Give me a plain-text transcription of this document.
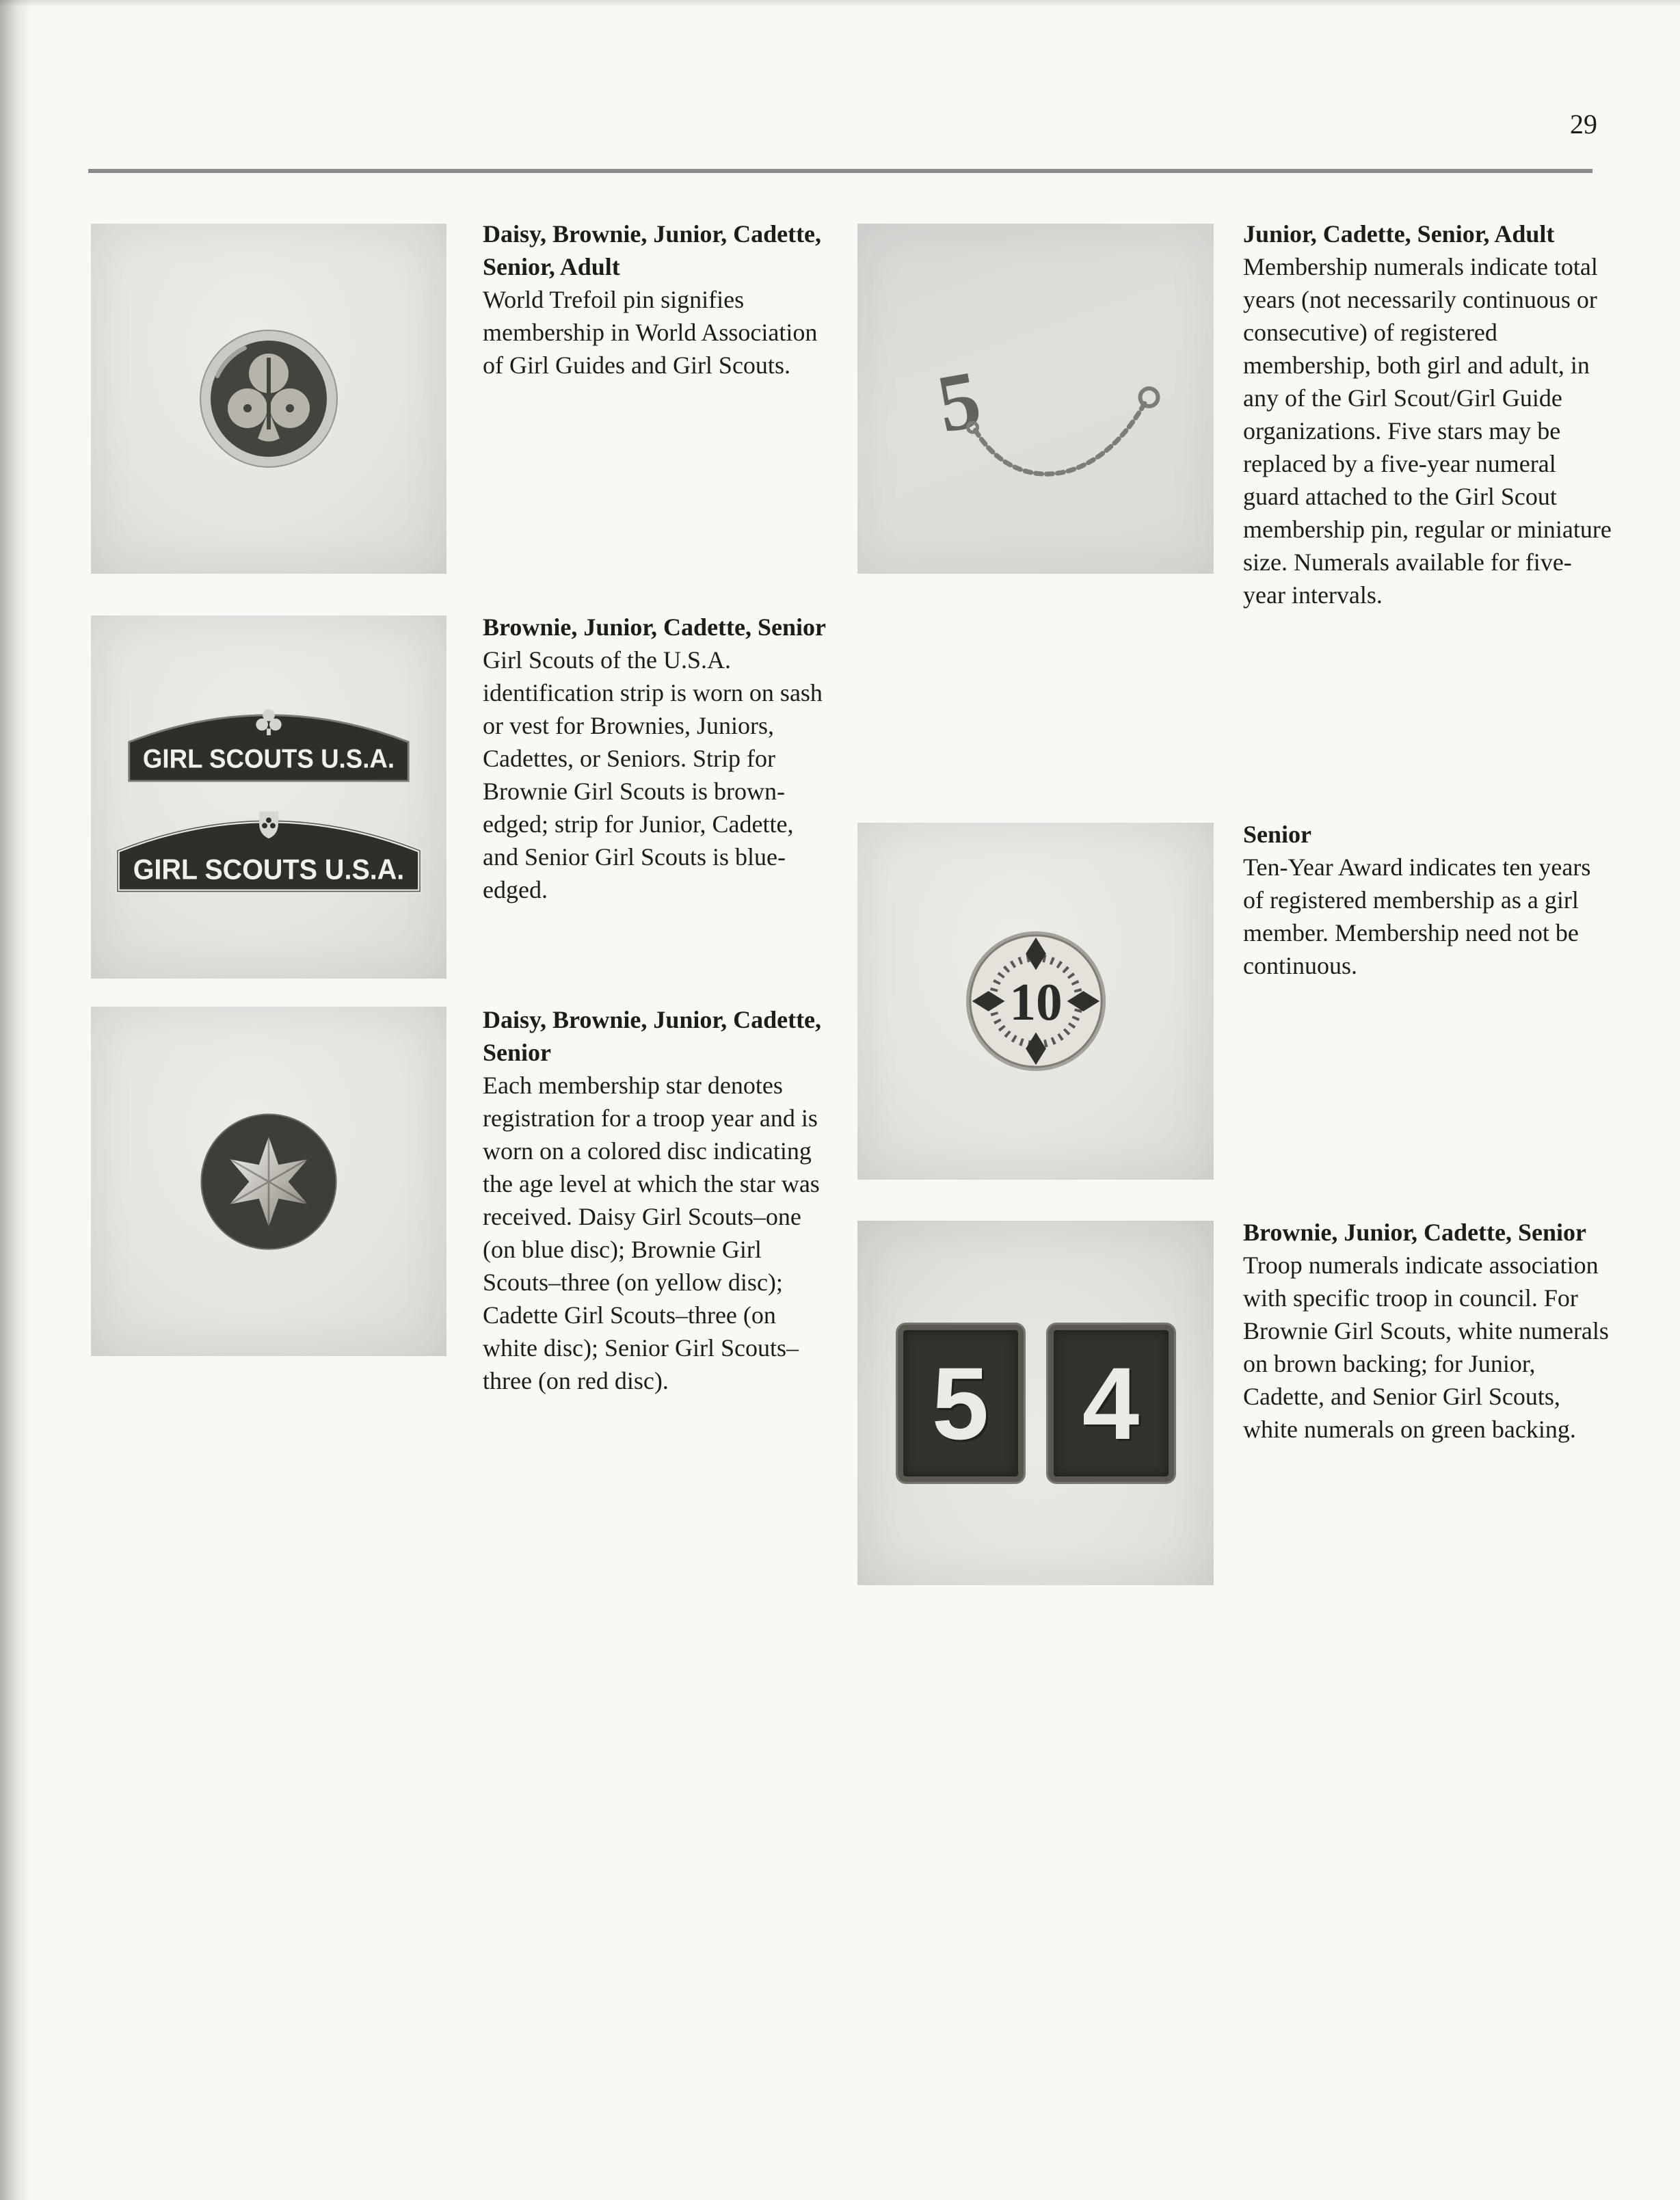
29
GIRL SCOUTS U.S.A.
GIRL SCOUTS U.S.A.
5
10
5 4
Daisy, Brownie, Junior, Cadette, Senior, Adult

World Trefoil pin signifies membership in World Association of Girl Guides and Girl Scouts.

Brownie, Junior, Cadette, Senior

Girl Scouts of the U.S.A. identification strip is worn on sash or vest for Brownies, Juniors, Cadettes, or Seniors. Strip for Brownie Girl Scouts is brown-edged; strip for Junior, Cadette, and Senior Girl Scouts is blue-edged.

Daisy, Brownie, Junior, Cadette, Senior

Each membership star denotes registration for a troop year and is worn on a colored disc indicating the age level at which the star was received. Daisy Girl Scouts–one (on blue disc); Brownie Girl Scouts–three (on yellow disc); Cadette Girl Scouts–three (on white disc); Senior Girl Scouts–three (on red disc).

Junior, Cadette, Senior, Adult

Membership numerals indicate total years (not necessarily continuous or consecutive) of registered membership, both girl and adult, in any of the Girl Scout/Girl Guide organizations. Five stars may be replaced by a five-year numeral guard attached to the Girl Scout membership pin, regular or miniature size. Numerals available for five-year intervals.

Senior

Ten-Year Award indicates ten years of registered membership as a girl member. Membership need not be continuous.

Brownie, Junior, Cadette, Senior

Troop numerals indicate association with specific troop in council. For Brownie Girl Scouts, white numerals on brown backing; for Junior, Cadette, and Senior Girl Scouts, white numerals on green backing.
